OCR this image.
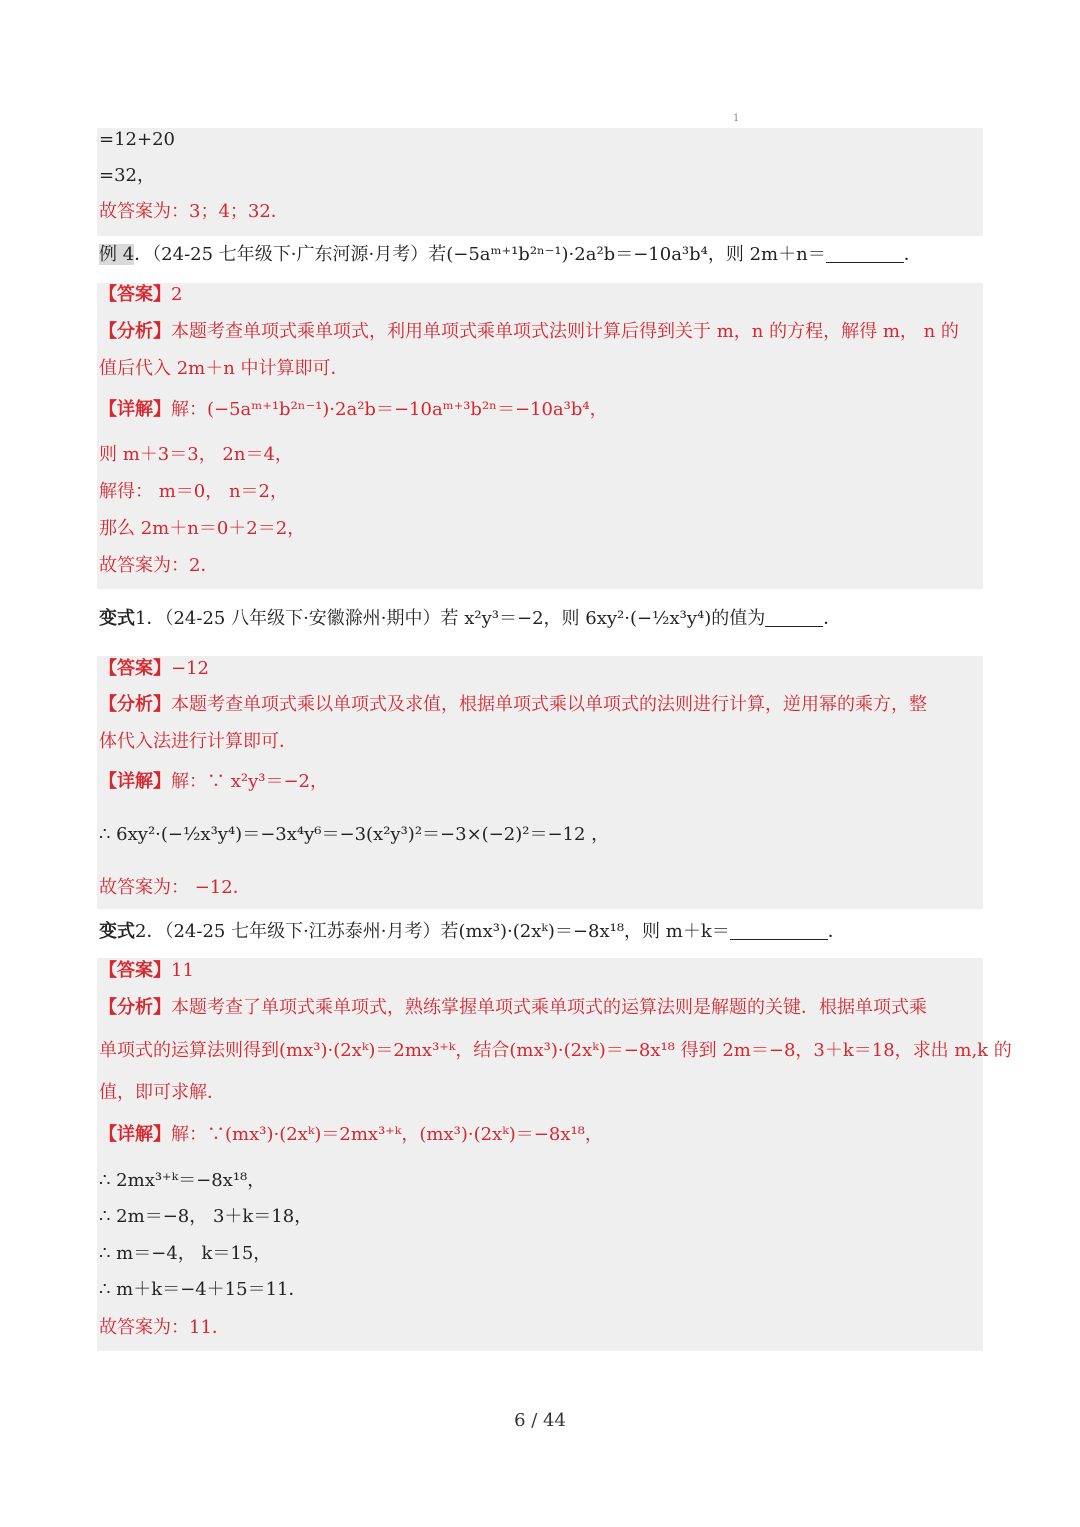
1
=12+20
=32，
故答案为：3；4；32．
例 4．（24-25 七年级下·广东河源·月考）若(−5aᵐ⁺¹b²ⁿ⁻¹)·2a²b＝−10a³b⁴，则 2m＋n＝	．
【答案】2
【分析】本题考查单项式乘单项式，利用单项式乘单项式法则计算后得到关于 m，n 的方程，解得 m， n 的
值后代入 2m＋n 中计算即可．
【详解】解：(−5aᵐ⁺¹b²ⁿ⁻¹)·2a²b＝−10aᵐ⁺³b²ⁿ＝−10a³b⁴，
则 m＋3＝3， 2n＝4，
解得： m＝0， n＝2，
那么 2m＋n＝0＋2＝2，
故答案为：2．
变式1．（24-25 八年级下·安徽滁州·期中）若 x²y³＝−2，则 6xy²·(−½x³y⁴)的值为	．
【答案】−12
【分析】本题考查单项式乘以单项式及求值，根据单项式乘以单项式的法则进行计算，逆用幂的乘方，整
体代入法进行计算即可．
【详解】解：∵ x²y³＝−2，
∴ 6xy²·(−½x³y⁴)＝−3x⁴y⁶＝−3(x²y³)²＝−3×(−2)²＝−12 ，
故答案为： −12．
变式2．（24-25 七年级下·江苏泰州·月考）若(mx³)·(2xᵏ)＝−8x¹⁸，则 m＋k＝	．
【答案】11
【分析】本题考查了单项式乘单项式，熟练掌握单项式乘单项式的运算法则是解题的关键．根据单项式乘
单项式的运算法则得到(mx³)·(2xᵏ)＝2mx³⁺ᵏ，结合(mx³)·(2xᵏ)＝−8x¹⁸ 得到 2m＝−8，3＋k＝18，求出 m,k 的
值，即可求解．
【详解】解：∵(mx³)·(2xᵏ)＝2mx³⁺ᵏ，(mx³)·(2xᵏ)＝−8x¹⁸，
∴ 2mx³⁺ᵏ＝−8x¹⁸，
∴ 2m＝−8， 3＋k＝18，
∴ m＝−4， k＝15，
∴ m＋k＝−4＋15＝11．
故答案为：11．
6 / 44
